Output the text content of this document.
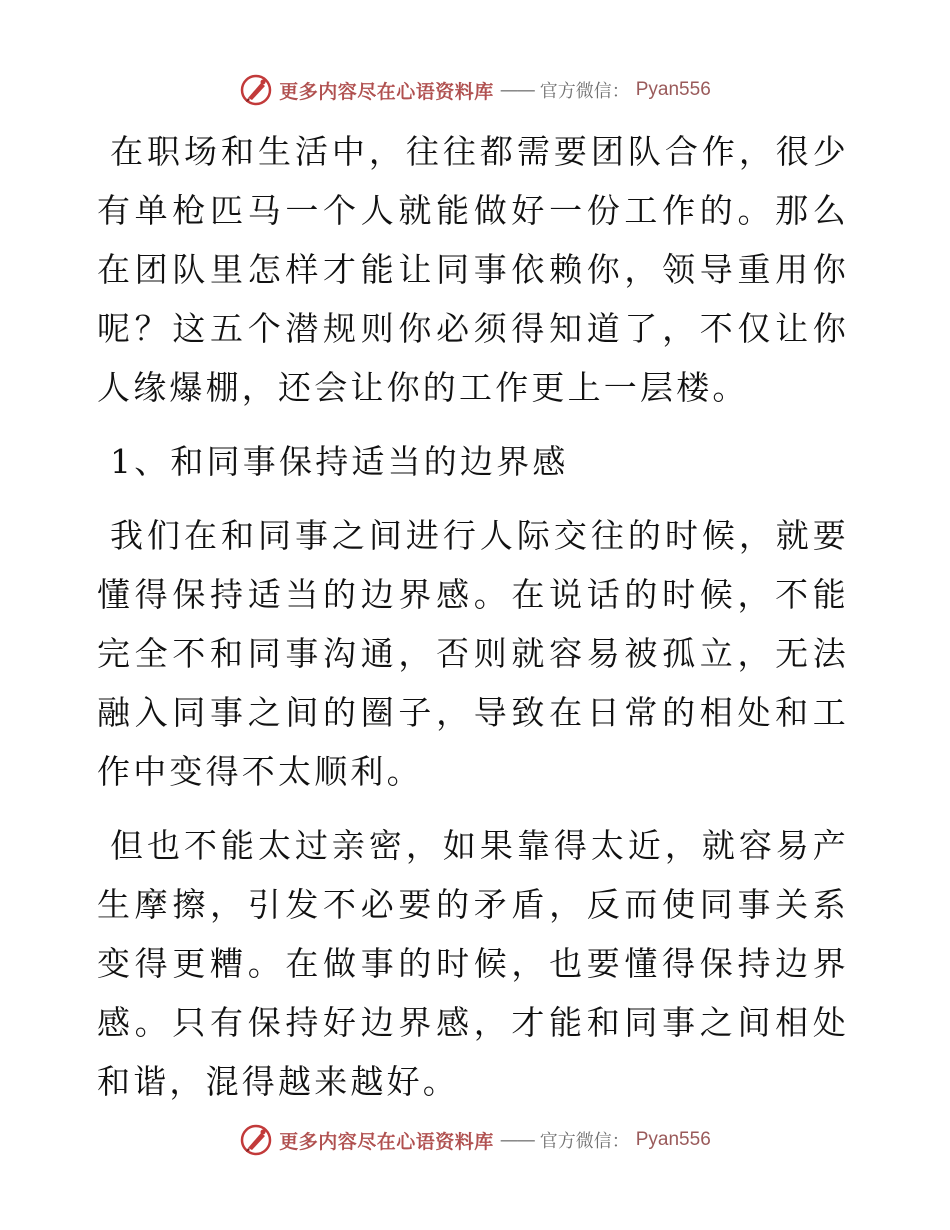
更多内容尽在心语资料库 —— 官方微信： Pyan556

在职场和生活中，往往都需要团队合作，很少有单枪匹马一个人就能做好一份工作的。那么在团队里怎样才能让同事依赖你，领导重用你呢？这五个潜规则你必须得知道了，不仅让你人缘爆棚，还会让你的工作更上一层楼。

1、和同事保持适当的边界感

我们在和同事之间进行人际交往的时候，就要懂得保持适当的边界感。在说话的时候，不能完全不和同事沟通，否则就容易被孤立，无法融入同事之间的圈子，导致在日常的相处和工作中变得不太顺利。

但也不能太过亲密，如果靠得太近，就容易产生摩擦，引发不必要的矛盾，反而使同事关系变得更糟。在做事的时候，也要懂得保持边界感。只有保持好边界感，才能和同事之间相处和谐，混得越来越好。

更多内容尽在心语资料库 —— 官方微信： Pyan556
